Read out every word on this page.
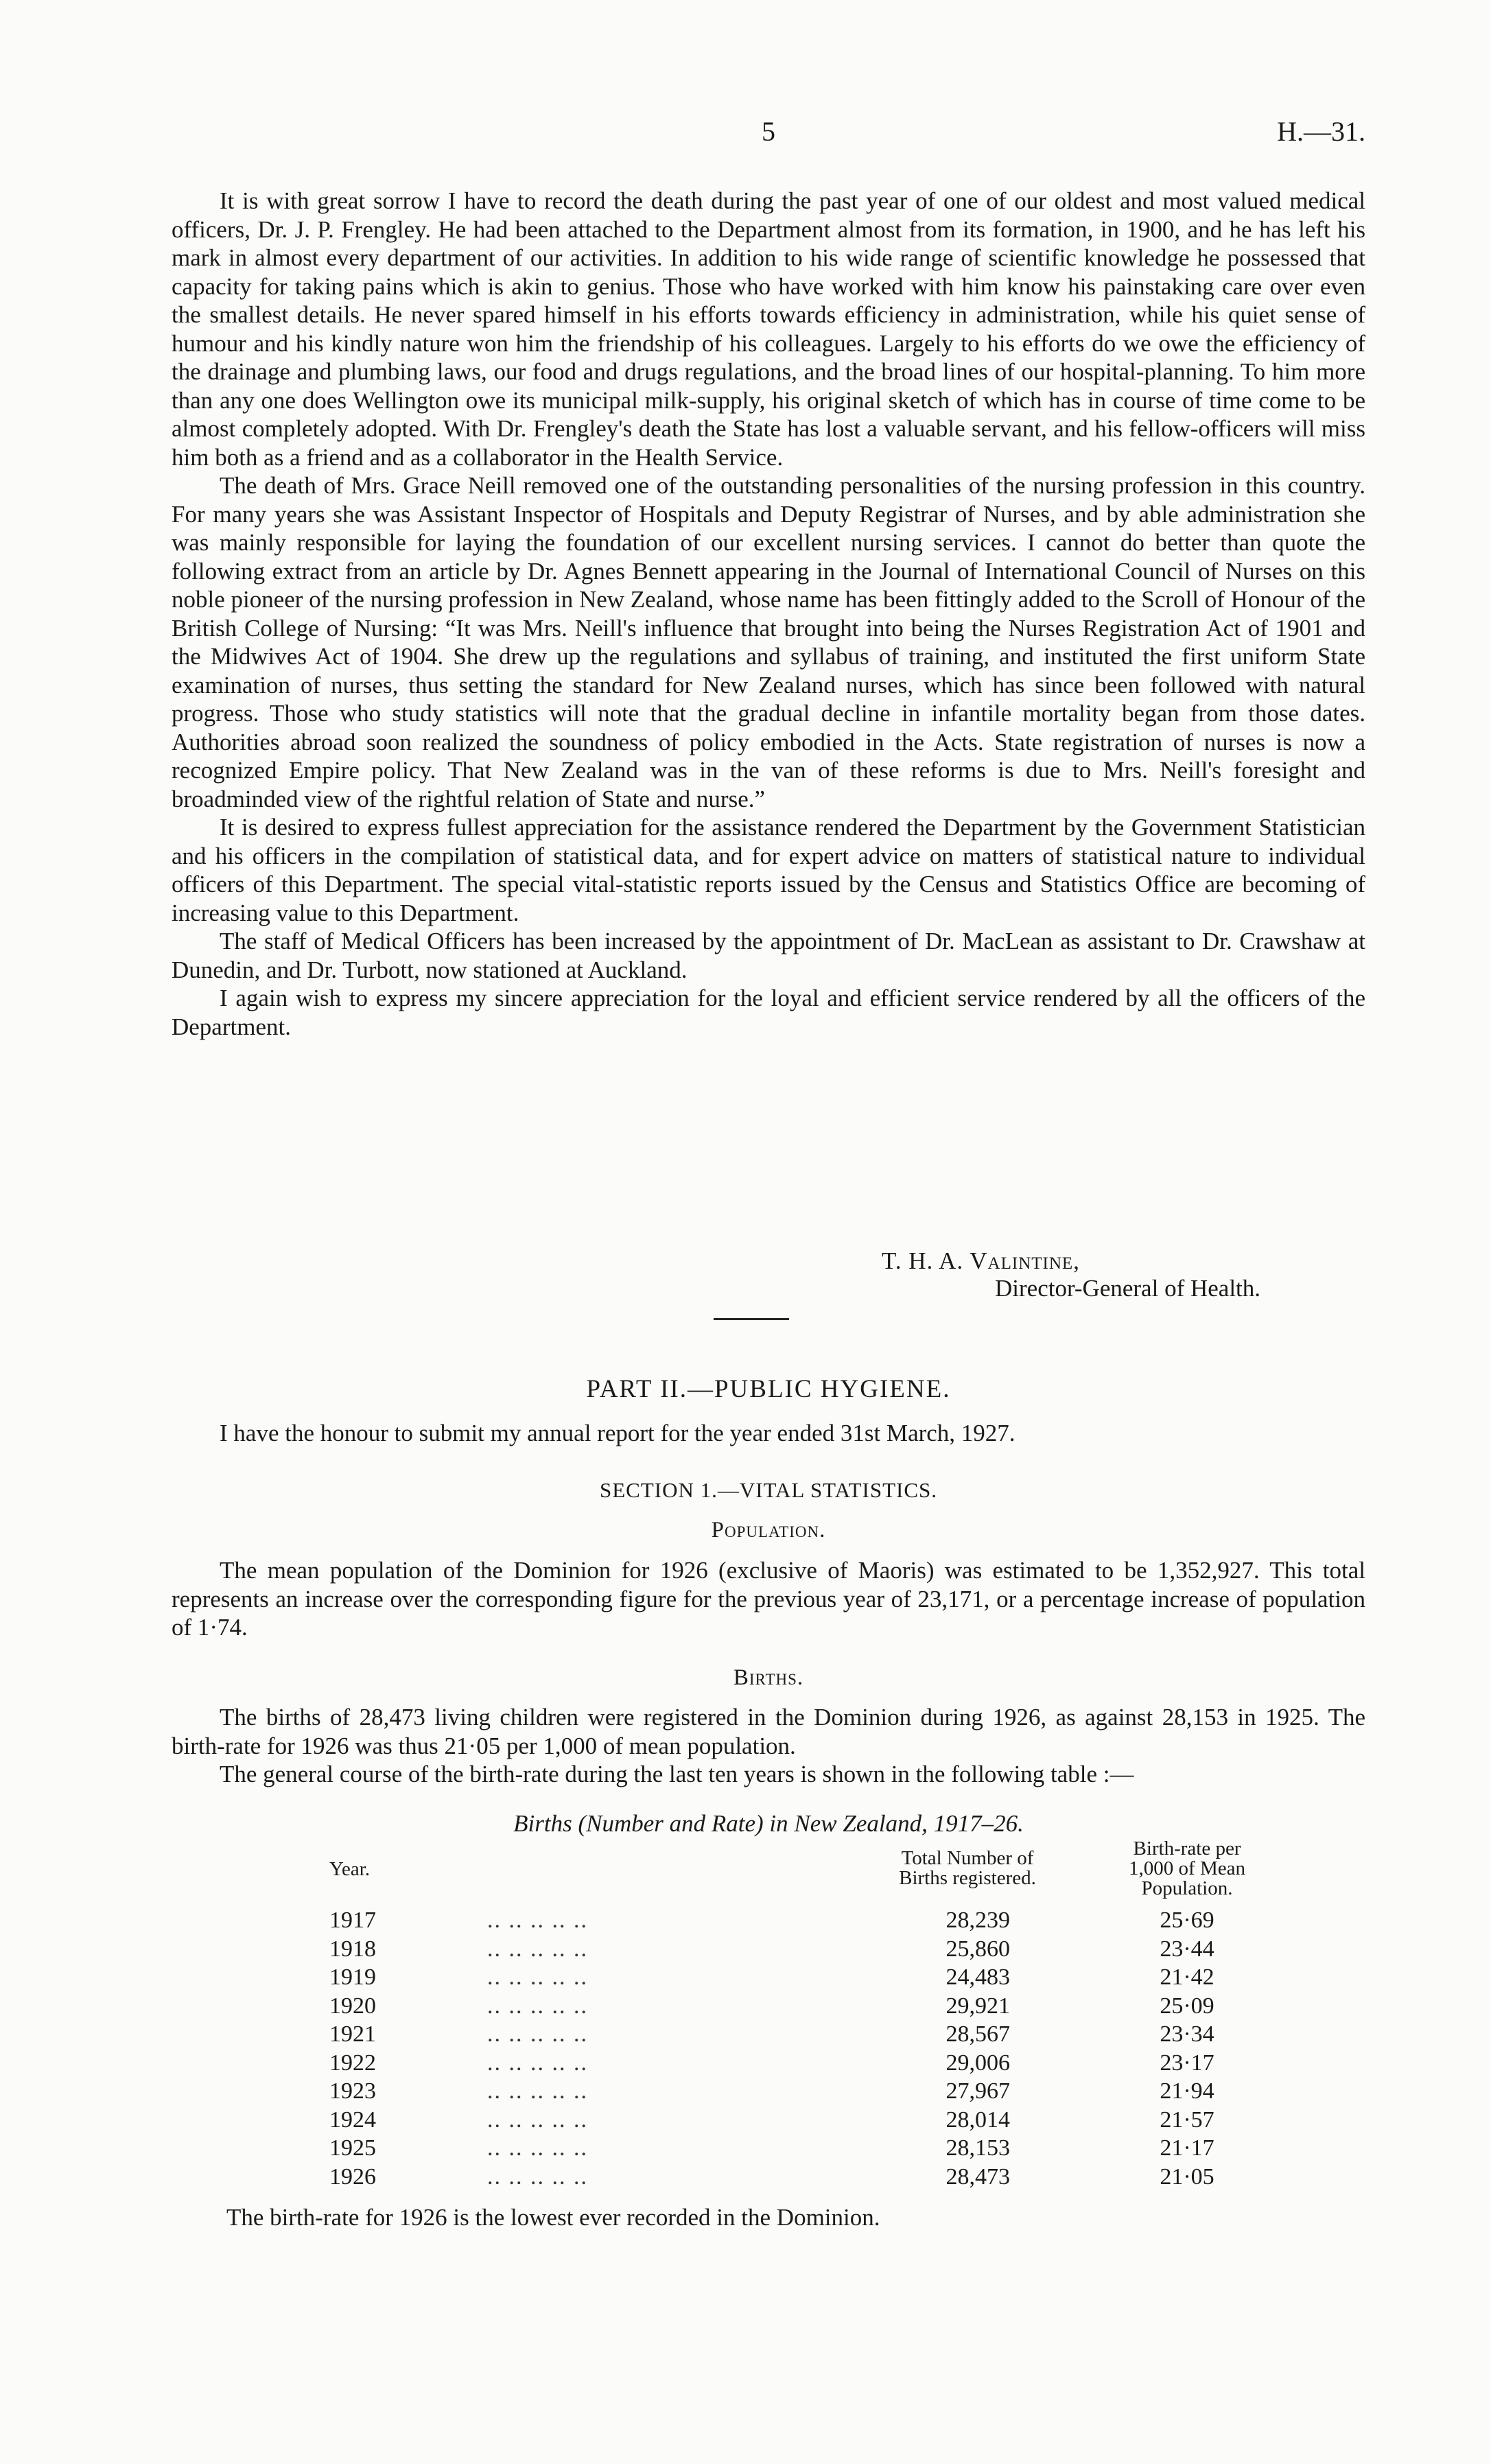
5	H.—31.

It is with great sorrow I have to record the death during the past year of one of our oldest and most valued medical officers, Dr. J. P. Frengley. He had been attached to the Department almost from its formation, in 1900, and he has left his mark in almost every department of our activities. In addition to his wide range of scientific knowledge he possessed that capacity for taking pains which is akin to genius. Those who have worked with him know his painstaking care over even the smallest details. He never spared himself in his efforts towards efficiency in administration, while his quiet sense of humour and his kindly nature won him the friendship of his colleagues. Largely to his efforts do we owe the efficiency of the drainage and plumbing laws, our food and drugs regulations, and the broad lines of our hospital-planning. To him more than any one does Wellington owe its municipal milk-supply, his original sketch of which has in course of time come to be almost completely adopted. With Dr. Frengley's death the State has lost a valuable servant, and his fellow-officers will miss him both as a friend and as a collaborator in the Health Service.

The death of Mrs. Grace Neill removed one of the outstanding personalities of the nursing profession in this country. For many years she was Assistant Inspector of Hospitals and Deputy Registrar of Nurses, and by able administration she was mainly responsible for laying the foundation of our excellent nursing services. I cannot do better than quote the following extract from an article by Dr. Agnes Bennett appearing in the Journal of International Council of Nurses on this noble pioneer of the nursing profession in New Zealand, whose name has been fittingly added to the Scroll of Honour of the British College of Nursing: “It was Mrs. Neill's influence that brought into being the Nurses Registration Act of 1901 and the Midwives Act of 1904. She drew up the regulations and syllabus of training, and instituted the first uniform State examination of nurses, thus setting the standard for New Zealand nurses, which has since been followed with natural progress. Those who study statistics will note that the gradual decline in infantile mortality began from those dates. Authorities abroad soon realized the soundness of policy embodied in the Acts. State registration of nurses is now a recognized Empire policy. That New Zealand was in the van of these reforms is due to Mrs. Neill's foresight and broadminded view of the rightful relation of State and nurse.”

It is desired to express fullest appreciation for the assistance rendered the Department by the Government Statistician and his officers in the compilation of statistical data, and for expert advice on matters of statistical nature to individual officers of this Department. The special vital-statistic reports issued by the Census and Statistics Office are becoming of increasing value to this Department.

The staff of Medical Officers has been increased by the appointment of Dr. MacLean as assistant to Dr. Crawshaw at Dunedin, and Dr. Turbott, now stationed at Auckland.

I again wish to express my sincere appreciation for the loyal and efficient service rendered by all the officers of the Department.

T. H. A. Valintine,
Director-General of Health.
PART II.—PUBLIC HYGIENE.

I have the honour to submit my annual report for the year ended 31st March, 1927.

SECTION 1.—VITAL STATISTICS.
Population.

The mean population of the Dominion for 1926 (exclusive of Maoris) was estimated to be 1,352,927. This total represents an increase over the corresponding figure for the previous year of 23,171, or a percentage increase of population of 1·74.

Births.

The births of 28,473 living children were registered in the Dominion during 1926, as against 28,153 in 1925. The birth-rate for 1926 was thus 21·05 per 1,000 of mean population.

The general course of the birth-rate during the last ten years is shown in the following table :—

Births (Number and Rate) in New Zealand, 1917–26.
Year.	Total Number of
Births registered.
Birth-rate per
1,000 of Mean
Population.
1917	.. .. .. .. ..	28,239	25·69
1918	.. .. .. .. ..	25,860	23·44
1919	.. .. .. .. ..	24,483	21·42
1920	.. .. .. .. ..	29,921	25·09
1921	.. .. .. .. ..	28,567	23·34
1922	.. .. .. .. ..	29,006	23·17
1923	.. .. .. .. ..	27,967	21·94
1924	.. .. .. .. ..	28,014	21·57
1925	.. .. .. .. ..	28,153	21·17
1926	.. .. .. .. ..	28,473	21·05
The birth-rate for 1926 is the lowest ever recorded in the Dominion.
